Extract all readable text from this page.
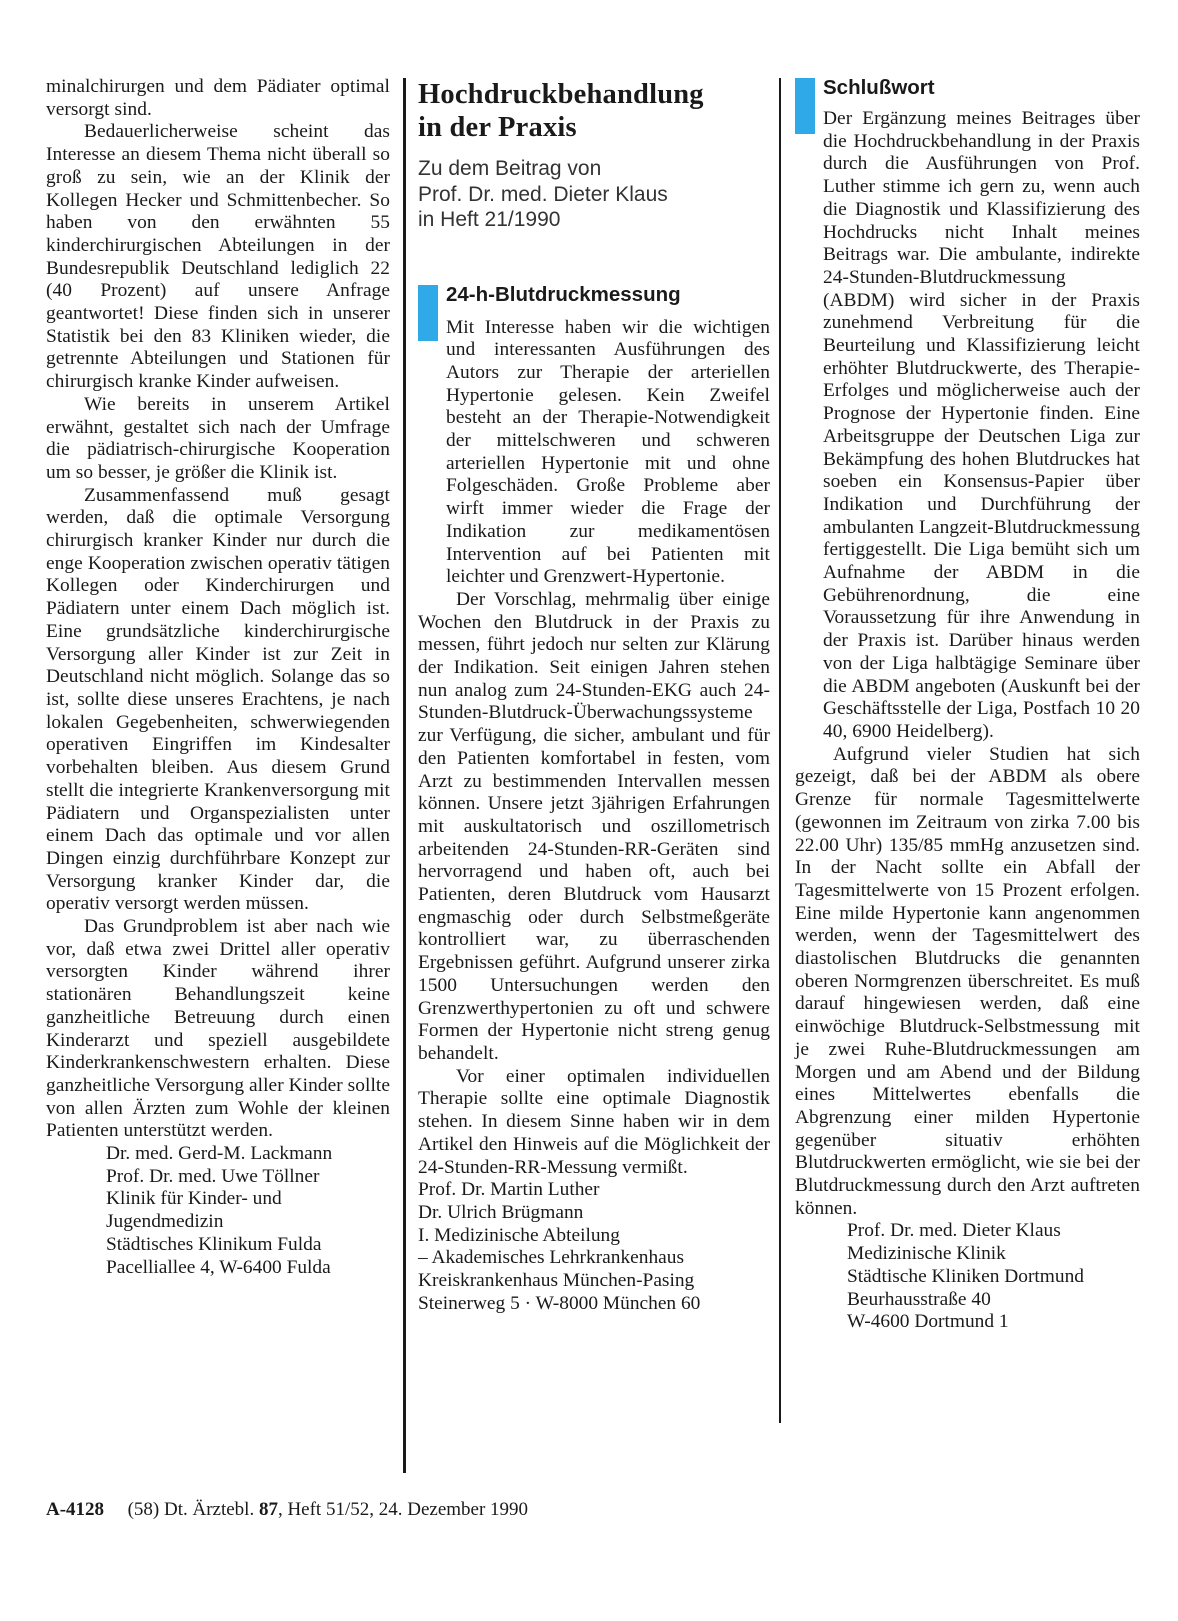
minalchirurgen und dem Pädiater optimal versorgt sind.

Bedauerlicherweise scheint das Interesse an diesem Thema nicht überall so groß zu sein, wie an der Klinik der Kollegen Hecker und Schmittenbecher. So haben von den erwähnten 55 kinderchirurgischen Abteilungen in der Bundesrepublik Deutschland lediglich 22 (40 Prozent) auf unsere Anfrage geantwortet! Diese finden sich in unserer Statistik bei den 83 Kliniken wieder, die getrennte Abteilungen und Stationen für chirurgisch kranke Kinder aufweisen.

Wie bereits in unserem Artikel erwähnt, gestaltet sich nach der Umfrage die pädiatrisch-chirurgische Kooperation um so besser, je größer die Klinik ist.

Zusammenfassend muß gesagt werden, daß die optimale Versorgung chirurgisch kranker Kinder nur durch die enge Kooperation zwischen operativ tätigen Kollegen oder Kinderchirurgen und Pädiatern unter einem Dach möglich ist. Eine grundsätzliche kinderchirurgische Versorgung aller Kinder ist zur Zeit in Deutschland nicht möglich. Solange das so ist, sollte diese unseres Erachtens, je nach lokalen Gegebenheiten, schwerwiegenden operativen Eingriffen im Kindesalter vorbehalten bleiben. Aus diesem Grund stellt die integrierte Krankenversorgung mit Pädiatern und Organspezialisten unter einem Dach das optimale und vor allen Dingen einzig durchführbare Konzept zur Versorgung kranker Kinder dar, die operativ versorgt werden müssen.

Das Grundproblem ist aber nach wie vor, daß etwa zwei Drittel aller operativ versorgten Kinder während ihrer stationären Behandlungszeit keine ganzheitliche Betreuung durch einen Kinderarzt und speziell ausgebildete Kinderkrankenschwestern erhalten. Diese ganzheitliche Versorgung aller Kinder sollte von allen Ärzten zum Wohle der kleinen Patienten unterstützt werden.

Dr. med. Gerd-M. Lackmann
Prof. Dr. med. Uwe Töllner
Klinik für Kinder- und
Jugendmedizin
Städtisches Klinikum Fulda
Pacelliallee 4, W-6400 Fulda
Hochdruckbehandlung
in der Praxis
Zu dem Beitrag von
Prof. Dr. med. Dieter Klaus
in Heft 21/1990
24-h-Blutdruckmessung

Mit Interesse haben wir die wichtigen und interessanten Ausführungen des Autors zur Therapie der arteriellen Hypertonie gelesen. Kein Zweifel besteht an der Therapie-Notwendigkeit der mittelschweren und schweren arteriellen Hypertonie mit und ohne Folgeschäden. Große Probleme aber wirft immer wieder die Frage der Indikation zur medikamentösen Intervention auf bei Patienten mit leichter und Grenzwert-Hypertonie.

Der Vorschlag, mehrmalig über einige Wochen den Blutdruck in der Praxis zu messen, führt jedoch nur selten zur Klärung der Indikation. Seit einigen Jahren stehen nun analog zum 24-Stunden-EKG auch 24-Stunden-Blutdruck-Überwachungssysteme zur Verfügung, die sicher, ambulant und für den Patienten komfortabel in festen, vom Arzt zu bestimmenden Intervallen messen können. Unsere jetzt 3jährigen Erfahrungen mit auskultatorisch und oszillometrisch arbeitenden 24-Stunden-RR-Geräten sind hervorragend und haben oft, auch bei Patienten, deren Blutdruck vom Hausarzt engmaschig oder durch Selbstmeßgeräte kontrolliert war, zu überraschenden Ergebnissen geführt. Aufgrund unserer zirka 1500 Untersuchungen werden den Grenzwerthypertonien zu oft und schwere Formen der Hypertonie nicht streng genug behandelt.

Vor einer optimalen individuellen Therapie sollte eine optimale Diagnostik stehen. In diesem Sinne haben wir in dem Artikel den Hinweis auf die Möglichkeit der 24-Stunden-RR-Messung vermißt.

Prof. Dr. Martin Luther
Dr. Ulrich Brügmann
I. Medizinische Abteilung
– Akademisches Lehrkrankenhaus
Kreiskrankenhaus München-Pasing
Steinerweg 5 · W-8000 München 60
Schlußwort

Der Ergänzung meines Beitrages über die Hochdruckbehandlung in der Praxis durch die Ausführungen von Prof. Luther stimme ich gern zu, wenn auch die Diagnostik und Klassifizierung des Hochdrucks nicht Inhalt meines Beitrags war. Die ambulante, indirekte 24-Stunden-Blutdruckmessung (ABDM) wird sicher in der Praxis zunehmend Verbreitung für die Beurteilung und Klassifizierung leicht erhöhter Blutdruckwerte, des Therapie-Erfolges und möglicherweise auch der Prognose der Hypertonie finden. Eine Arbeitsgruppe der Deutschen Liga zur Bekämpfung des hohen Blutdruckes hat soeben ein Konsensus-Papier über Indikation und Durchführung der ambulanten Langzeit-Blutdruckmessung fertiggestellt. Die Liga bemüht sich um Aufnahme der ABDM in die Gebührenordnung, die eine Voraussetzung für ihre Anwendung in der Praxis ist. Darüber hinaus werden von der Liga halbtägige Seminare über die ABDM angeboten (Auskunft bei der Geschäftsstelle der Liga, Postfach 10 20 40, 6900 Heidelberg).

Aufgrund vieler Studien hat sich gezeigt, daß bei der ABDM als obere Grenze für normale Tagesmittelwerte (gewonnen im Zeitraum von zirka 7.00 bis 22.00 Uhr) 135/85 mmHg anzusetzen sind. In der Nacht sollte ein Abfall der Tagesmittelwerte von 15 Prozent erfolgen. Eine milde Hypertonie kann angenommen werden, wenn der Tagesmittelwert des diastolischen Blutdrucks die genannten oberen Normgrenzen überschreitet. Es muß darauf hingewiesen werden, daß eine einwöchige Blutdruck-Selbstmessung mit je zwei Ruhe-Blutdruckmessungen am Morgen und am Abend und der Bildung eines Mittelwertes ebenfalls die Abgrenzung einer milden Hypertonie gegenüber situativ erhöhten Blutdruckwerten ermöglicht, wie sie bei der Blutdruckmessung durch den Arzt auftreten können.

Prof. Dr. med. Dieter Klaus
Medizinische Klinik
Städtische Kliniken Dortmund
Beurhausstraße 40
W-4600 Dortmund 1
A-4128 (58) Dt. Ärztebl. 87, Heft 51/52, 24. Dezember 1990
